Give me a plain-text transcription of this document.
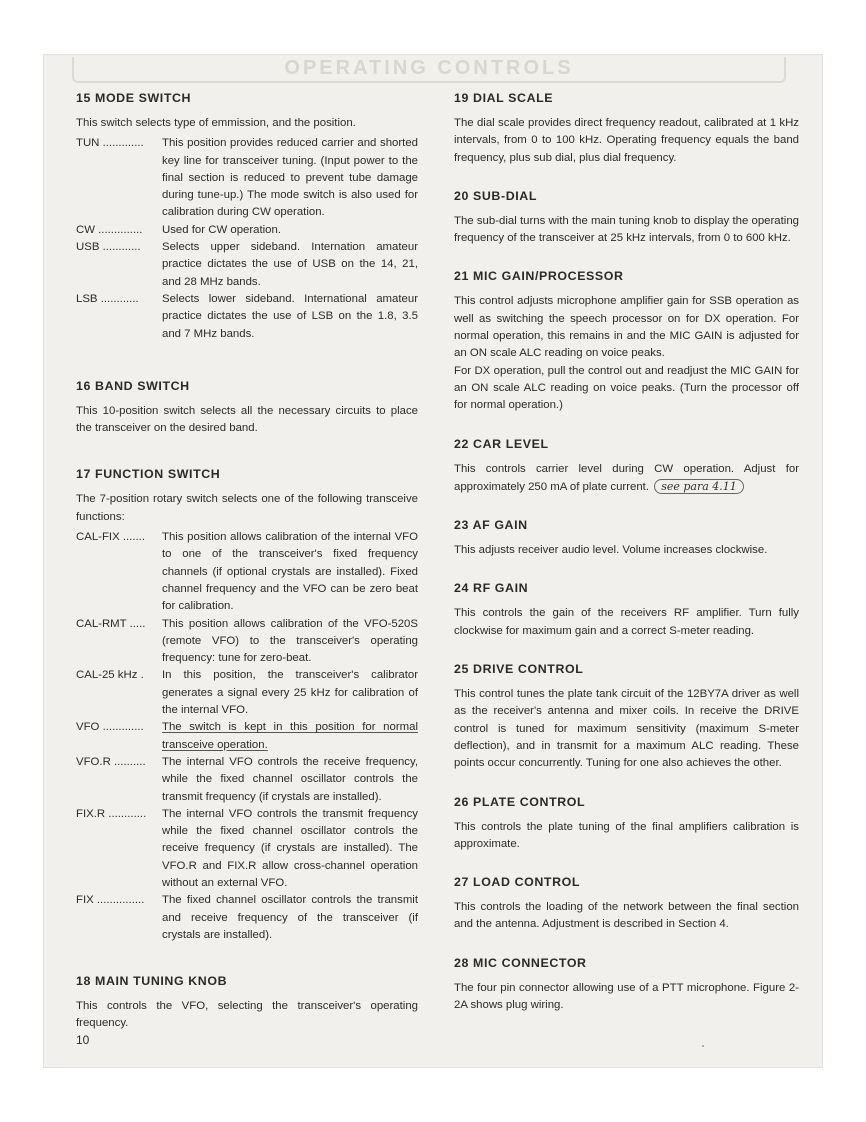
OPERATING CONTROLS
15 MODE SWITCH

This switch selects type of emmission, and the position.

TUN .............	This position provides reduced carrier and shorted key line for transceiver tuning. (Input power to the final section is reduced to prevent tube damage during tune-up.) The mode switch is also used for calibration during CW operation.
CW ..............	Used for CW operation.
USB ............	Selects upper sideband. Internation amateur practice dictates the use of USB on the 14, 21, and 28 MHz bands.
LSB ............	Selects lower sideband. International amateur practice dictates the use of LSB on the 1.8, 3.5 and 7 MHz bands.
16 BAND SWITCH

This 10-position switch selects all the necessary circuits to place the transceiver on the desired band.

17 FUNCTION SWITCH

The 7-position rotary switch selects one of the following transceive functions:

CAL-FIX .......	This position allows calibration of the internal VFO to one of the transceiver's fixed frequency channels (if optional crystals are installed). Fixed channel frequency and the VFO can be zero beat for calibration.
CAL-RMT .....	This position allows calibration of the VFO-520S (remote VFO) to the transceiver's operating frequency: tune for zero-beat.
CAL-25 kHz .	In this position, the transceiver's calibrator generates a signal every 25 kHz for calibration of the internal VFO.
VFO .............	The switch is kept in this position for normal transceive operation.
VFO.R ..........	The internal VFO controls the receive frequency, while the fixed channel oscillator controls the transmit frequency (if crystals are installed).
FIX.R ............	The internal VFO controls the transmit frequency while the fixed channel oscillator controls the receive frequency (if crystals are installed). The VFO.R and FIX.R allow cross-channel operation without an external VFO.
FIX ...............	The fixed channel oscillator controls the transmit and receive frequency of the transceiver (if crystals are installed).
18 MAIN TUNING KNOB

This controls the VFO, selecting the transceiver's operating frequency.

19 DIAL SCALE

The dial scale provides direct frequency readout, calibrated at 1 kHz intervals, from 0 to 100 kHz. Operating frequency equals the band frequency, plus sub dial, plus dial frequency.

20 SUB-DIAL

The sub-dial turns with the main tuning knob to display the operating frequency of the transceiver at 25 kHz intervals, from 0 to 600 kHz.

21 MIC GAIN/PROCESSOR

This control adjusts microphone amplifier gain for SSB operation as well as switching the speech processor on for DX operation. For normal operation, this remains in and the MIC GAIN is adjusted for an ON scale ALC reading on voice peaks.

For DX operation, pull the control out and readjust the MIC GAIN for an ON scale ALC reading on voice peaks. (Turn the processor off for normal operation.)

22 CAR LEVEL

This controls carrier level during CW operation. Adjust for approximately 250 mA of plate current. see para 4.11

23 AF GAIN

This adjusts receiver audio level. Volume increases clockwise.

24 RF GAIN

This controls the gain of the receivers RF amplifier. Turn fully clockwise for maximum gain and a correct S-meter reading.

25 DRIVE CONTROL

This control tunes the plate tank circuit of the 12BY7A driver as well as the receiver's antenna and mixer coils. In receive the DRIVE control is tuned for maximum sensitivity (maximum S-meter deflection), and in transmit for a maximum ALC reading. These points occur concurrently. Tuning for one also achieves the other.

26 PLATE CONTROL

This controls the plate tuning of the final amplifiers calibration is approximate.

27 LOAD CONTROL

This controls the loading of the network between the final section and the antenna. Adjustment is described in Section 4.

28 MIC CONNECTOR

The four pin connector allowing use of a PTT microphone. Figure 2-2A shows plug wiring.

10
